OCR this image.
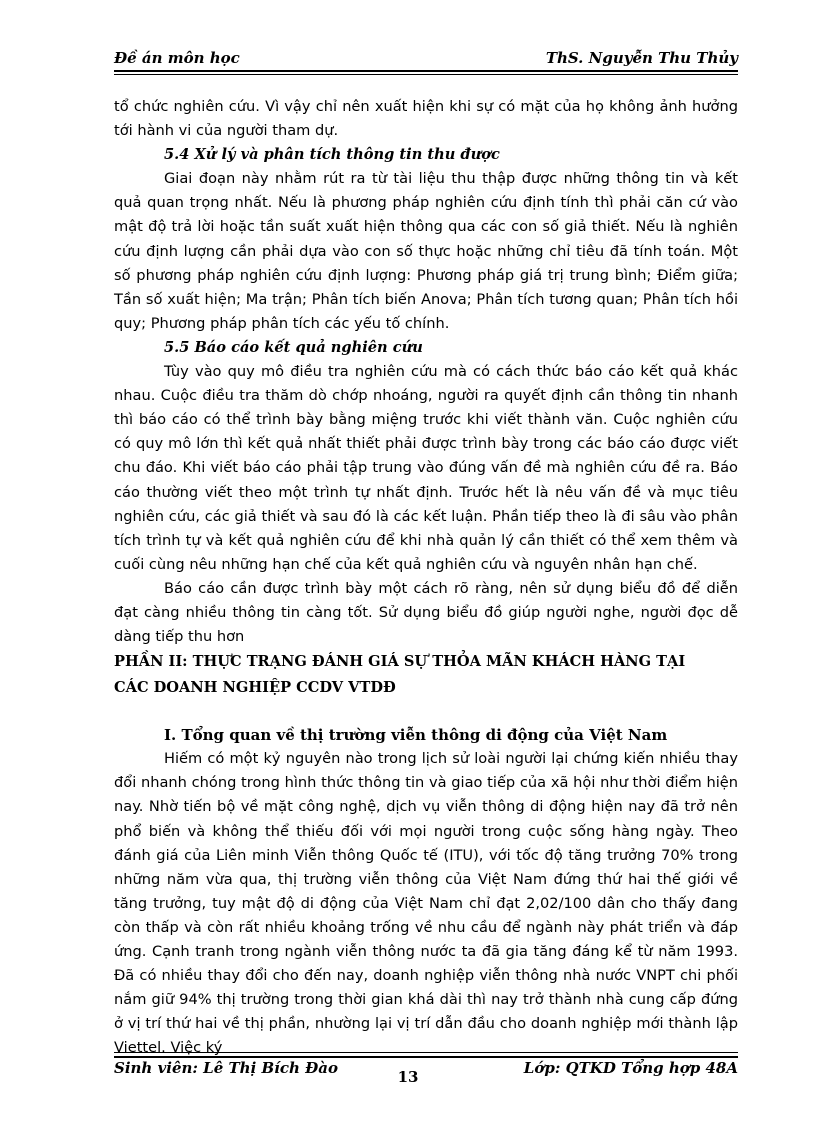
Đề án môn học	ThS. Nguyễn Thu Thủy

tổ chức nghiên cứu. Vì vậy chỉ nên xuất hiện khi sự có mặt của họ không ảnh hưởng tới hành vi của người tham dự.

5.4 Xử lý và phân tích thông tin thu được

Giai đoạn này nhằm rút ra từ tài liệu thu thập được những thông tin và kết quả quan trọng nhất. Nếu là phương pháp nghiên cứu định tính thì phải căn cứ vào mật độ trả lời hoặc tần suất xuất hiện thông qua các con số giả thiết. Nếu là nghiên cứu định lượng cần phải dựa vào con số thực hoặc những chỉ tiêu đã tính toán. Một số phương pháp nghiên cứu định lượng: Phương pháp giá trị trung bình; Điểm giữa; Tần số xuất hiện; Ma trận; Phân tích biến Anova; Phân tích tương quan; Phân tích hồi quy; Phương pháp phân tích các yếu tố chính.

5.5 Báo cáo kết quả nghiên cứu

Tùy vào quy mô điều tra nghiên cứu mà có cách thức báo cáo kết quả khác nhau. Cuộc điều tra thăm dò chớp nhoáng, người ra quyết định cần thông tin nhanh thì báo cáo có thể trình bày bằng miệng trước khi viết thành văn. Cuộc nghiên cứu có quy mô lớn thì kết quả nhất thiết phải được trình bày trong các báo cáo được viết chu đáo. Khi viết báo cáo phải tập trung vào đúng vấn đề mà nghiên cứu đề ra. Báo cáo thường viết theo một trình tự nhất định. Trước hết là nêu vấn đề và mục tiêu nghiên cứu, các giả thiết và sau đó là các kết luận. Phần tiếp theo là đi sâu vào phân tích trình tự và kết quả nghiên cứu để khi nhà quản lý cần thiết có thể xem thêm và cuối cùng nêu những hạn chế của kết quả nghiên cứu và nguyên nhân hạn chế.

Báo cáo cần được trình bày một cách rõ ràng, nên sử dụng biểu đồ để diễn đạt càng nhiều thông tin càng tốt. Sử dụng biểu đồ giúp người nghe, người đọc dễ dàng tiếp thu hơn

PHẦN II: THỰC TRẠNG ĐÁNH GIÁ SỰ THỎA MÃN KHÁCH HÀNG TẠI

CÁC DOANH NGHIỆP CCDV VTDĐ

I. Tổng quan về thị trường viễn thông di động của Việt Nam

Hiếm có một kỷ nguyên nào trong lịch sử loài người lại chứng kiến nhiều thay đổi nhanh chóng trong hình thức thông tin và giao tiếp của xã hội như thời điểm hiện nay. Nhờ tiến bộ về mặt công nghệ, dịch vụ viễn thông di động hiện nay đã trở nên phổ biến và không thể thiếu đối với mọi người trong cuộc sống hàng ngày. Theo đánh giá của Liên minh Viễn thông Quốc tế (ITU), với tốc độ tăng trưởng 70% trong những năm vừa qua, thị trường viễn thông của Việt Nam đứng thứ hai thế giới về tăng trưởng, tuy mật độ di động của Việt Nam chỉ đạt 2,02/100 dân cho thấy đang còn thấp và còn rất nhiều khoảng trống về nhu cầu để ngành này phát triển và đáp ứng. Cạnh tranh trong ngành viễn thông nước ta đã gia tăng đáng kể từ năm 1993. Đã có nhiều thay đổi cho đến nay, doanh nghiệp viễn thông nhà nước VNPT chi phối nắm giữ 94% thị trường trong thời gian khá dài thì nay trở thành nhà cung cấp đứng ở vị trí thứ hai về thị phần, nhường lại vị trí dẫn đầu cho doanh nghiệp mới thành lập Viettel. Việc ký

Sinh viên: Lê Thị Bích Đào	Lớp: QTKD Tổng hợp 48A
13
